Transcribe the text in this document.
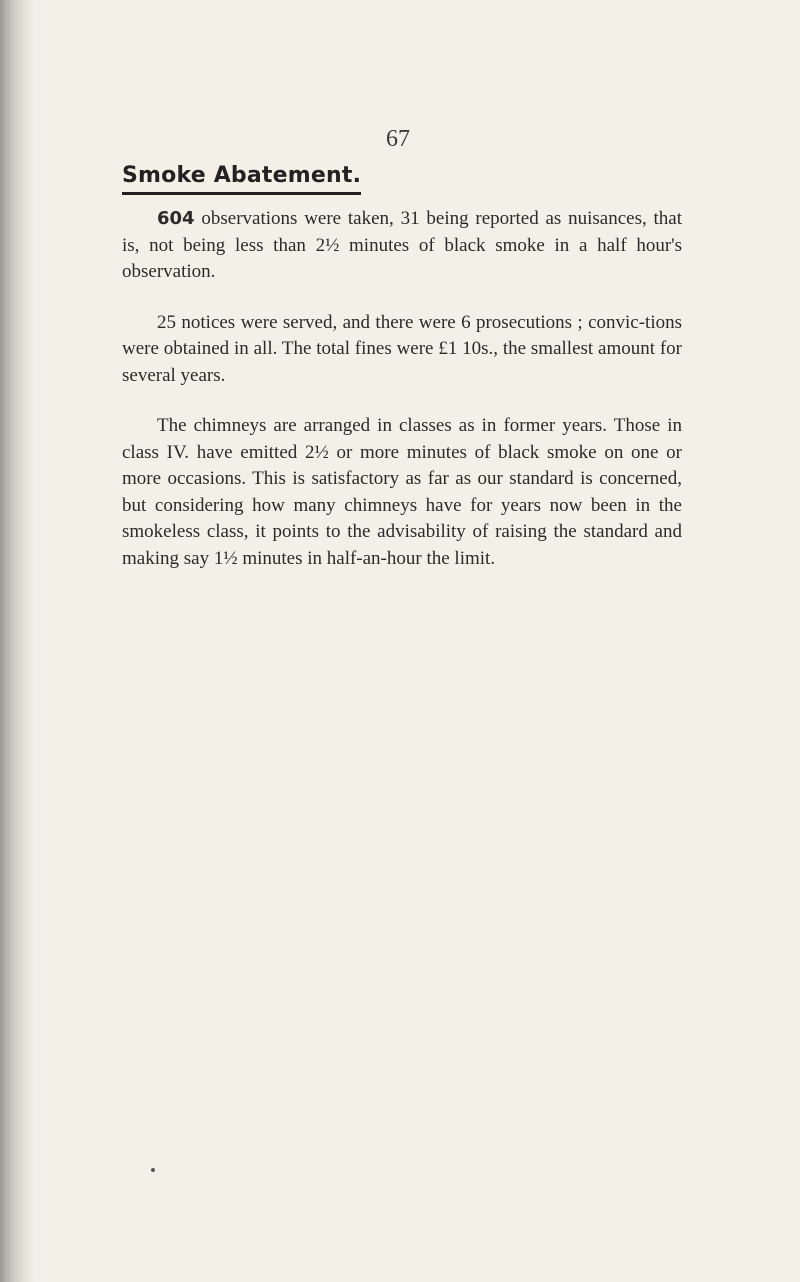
67
Smoke Abatement.

604 observations were taken, 31 being reported as nuisances, that is, not being less than 2½ minutes of black smoke in a half hour's observation.

25 notices were served, and there were 6 prosecutions ; convic-tions were obtained in all. The total fines were £1 10s., the smallest amount for several years.

The chimneys are arranged in classes as in former years. Those in class IV. have emitted 2½ or more minutes of black smoke on one or more occasions. This is satisfactory as far as our standard is concerned, but considering how many chimneys have for years now been in the smokeless class, it points to the advisability of raising the standard and making say 1½ minutes in half-an-hour the limit.
